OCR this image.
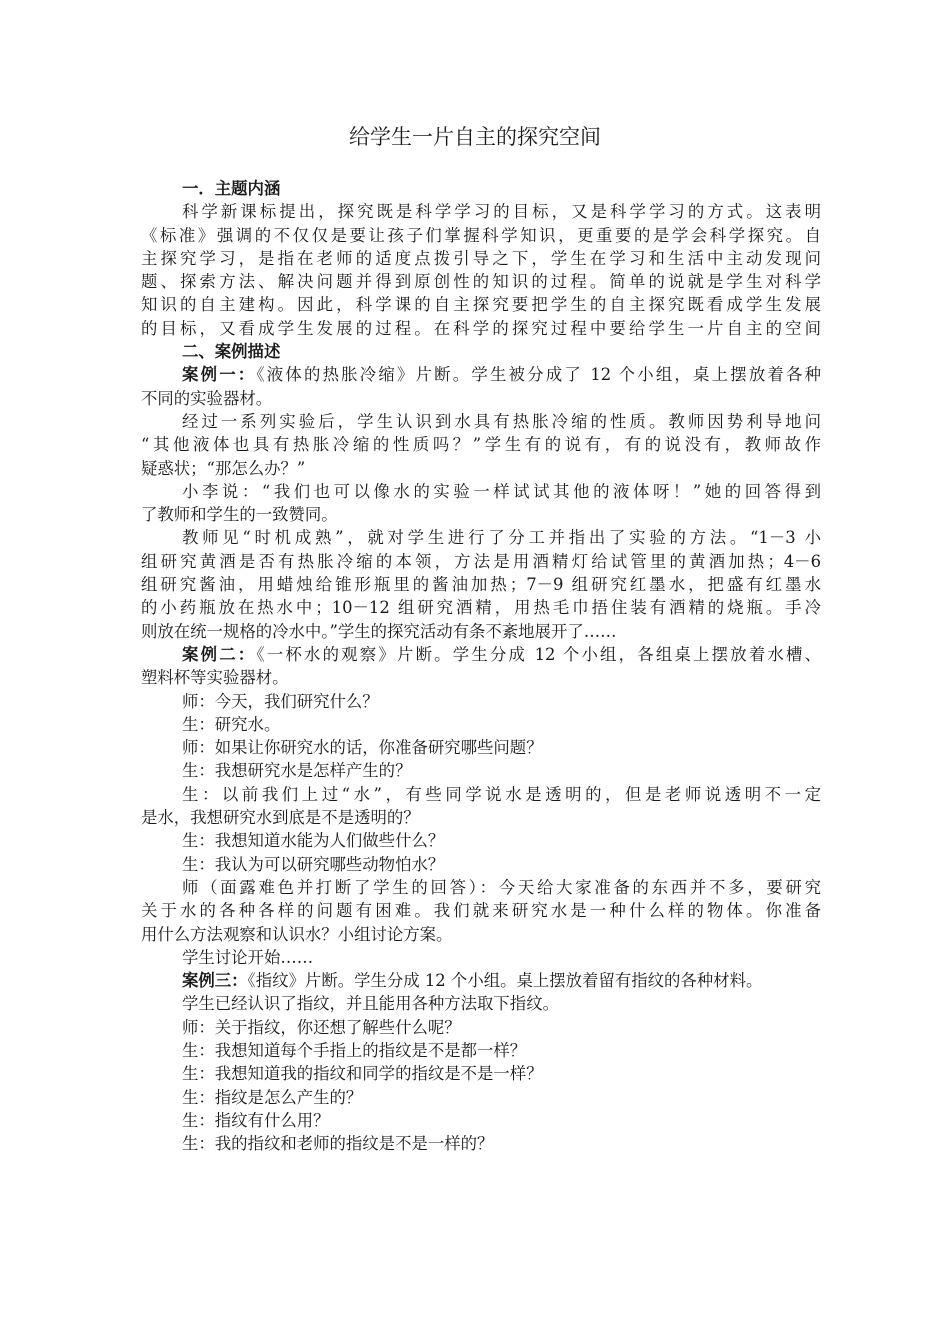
给学生一片自主的探究空间
一．主题内涵
科学新课标提出，探究既是科学学习的目标，又是科学学习的方式。这表明
《标准》强调的不仅仅是要让孩子们掌握科学知识，更重要的是学会科学探究。自
主探究学习，是指在老师的适度点拨引导之下，学生在学习和生活中主动发现问
题、探索方法、解决问题并得到原创性的知识的过程。简单的说就是学生对科学
知识的自主建构。因此，科学课的自主探究要把学生的自主探究既看成学生发展
的目标，又看成学生发展的过程。在科学的探究过程中要给学生一片自主的空间
二、案例描述
案例一：《液体的热胀冷缩》片断。学生被分成了 12 个小组，桌上摆放着各种
不同的实验器材。
经过一系列实验后，学生认识到水具有热胀冷缩的性质。教师因势利导地问
“其他液体也具有热胀冷缩的性质吗？”学生有的说有，有的说没有，教师故作
疑惑状；“那怎么办？”
小李说：“我们也可以像水的实验一样试试其他的液体呀！”她的回答得到
了教师和学生的一致赞同。
教师见“时机成熟”，就对学生进行了分工并指出了实验的方法。“1－3 小
组研究黄酒是否有热胀冷缩的本领，方法是用酒精灯给试管里的黄酒加热；4－6
组研究酱油，用蜡烛给锥形瓶里的酱油加热；7－9 组研究红墨水，把盛有红墨水
的小药瓶放在热水中；10－12 组研究酒精，用热毛巾捂住装有酒精的烧瓶。手冷
则放在统一规格的冷水中。”学生的探究活动有条不紊地展开了……
案例二：《一杯水的观察》片断。学生分成 12 个小组，各组桌上摆放着水槽、
塑料杯等实验器材。
师：今天，我们研究什么？
生：研究水。
师：如果让你研究水的话，你准备研究哪些问题？
生：我想研究水是怎样产生的？
生：以前我们上过“水”，有些同学说水是透明的，但是老师说透明不一定
是水，我想研究水到底是不是透明的？
生：我想知道水能为人们做些什么？
生：我认为可以研究哪些动物怕水？
师（面露难色并打断了学生的回答）：今天给大家准备的东西并不多，要研究
关于水的各种各样的问题有困难。我们就来研究水是一种什么样的物体。你准备
用什么方法观察和认识水？小组讨论方案。
学生讨论开始……
案例三：《指纹》片断。学生分成 12 个小组。桌上摆放着留有指纹的各种材料。
学生已经认识了指纹，并且能用各种方法取下指纹。
师：关于指纹，你还想了解些什么呢？
生：我想知道每个手指上的指纹是不是都一样？
生：我想知道我的指纹和同学的指纹是不是一样？
生：指纹是怎么产生的？
生：指纹有什么用？
生：我的指纹和老师的指纹是不是一样的？
